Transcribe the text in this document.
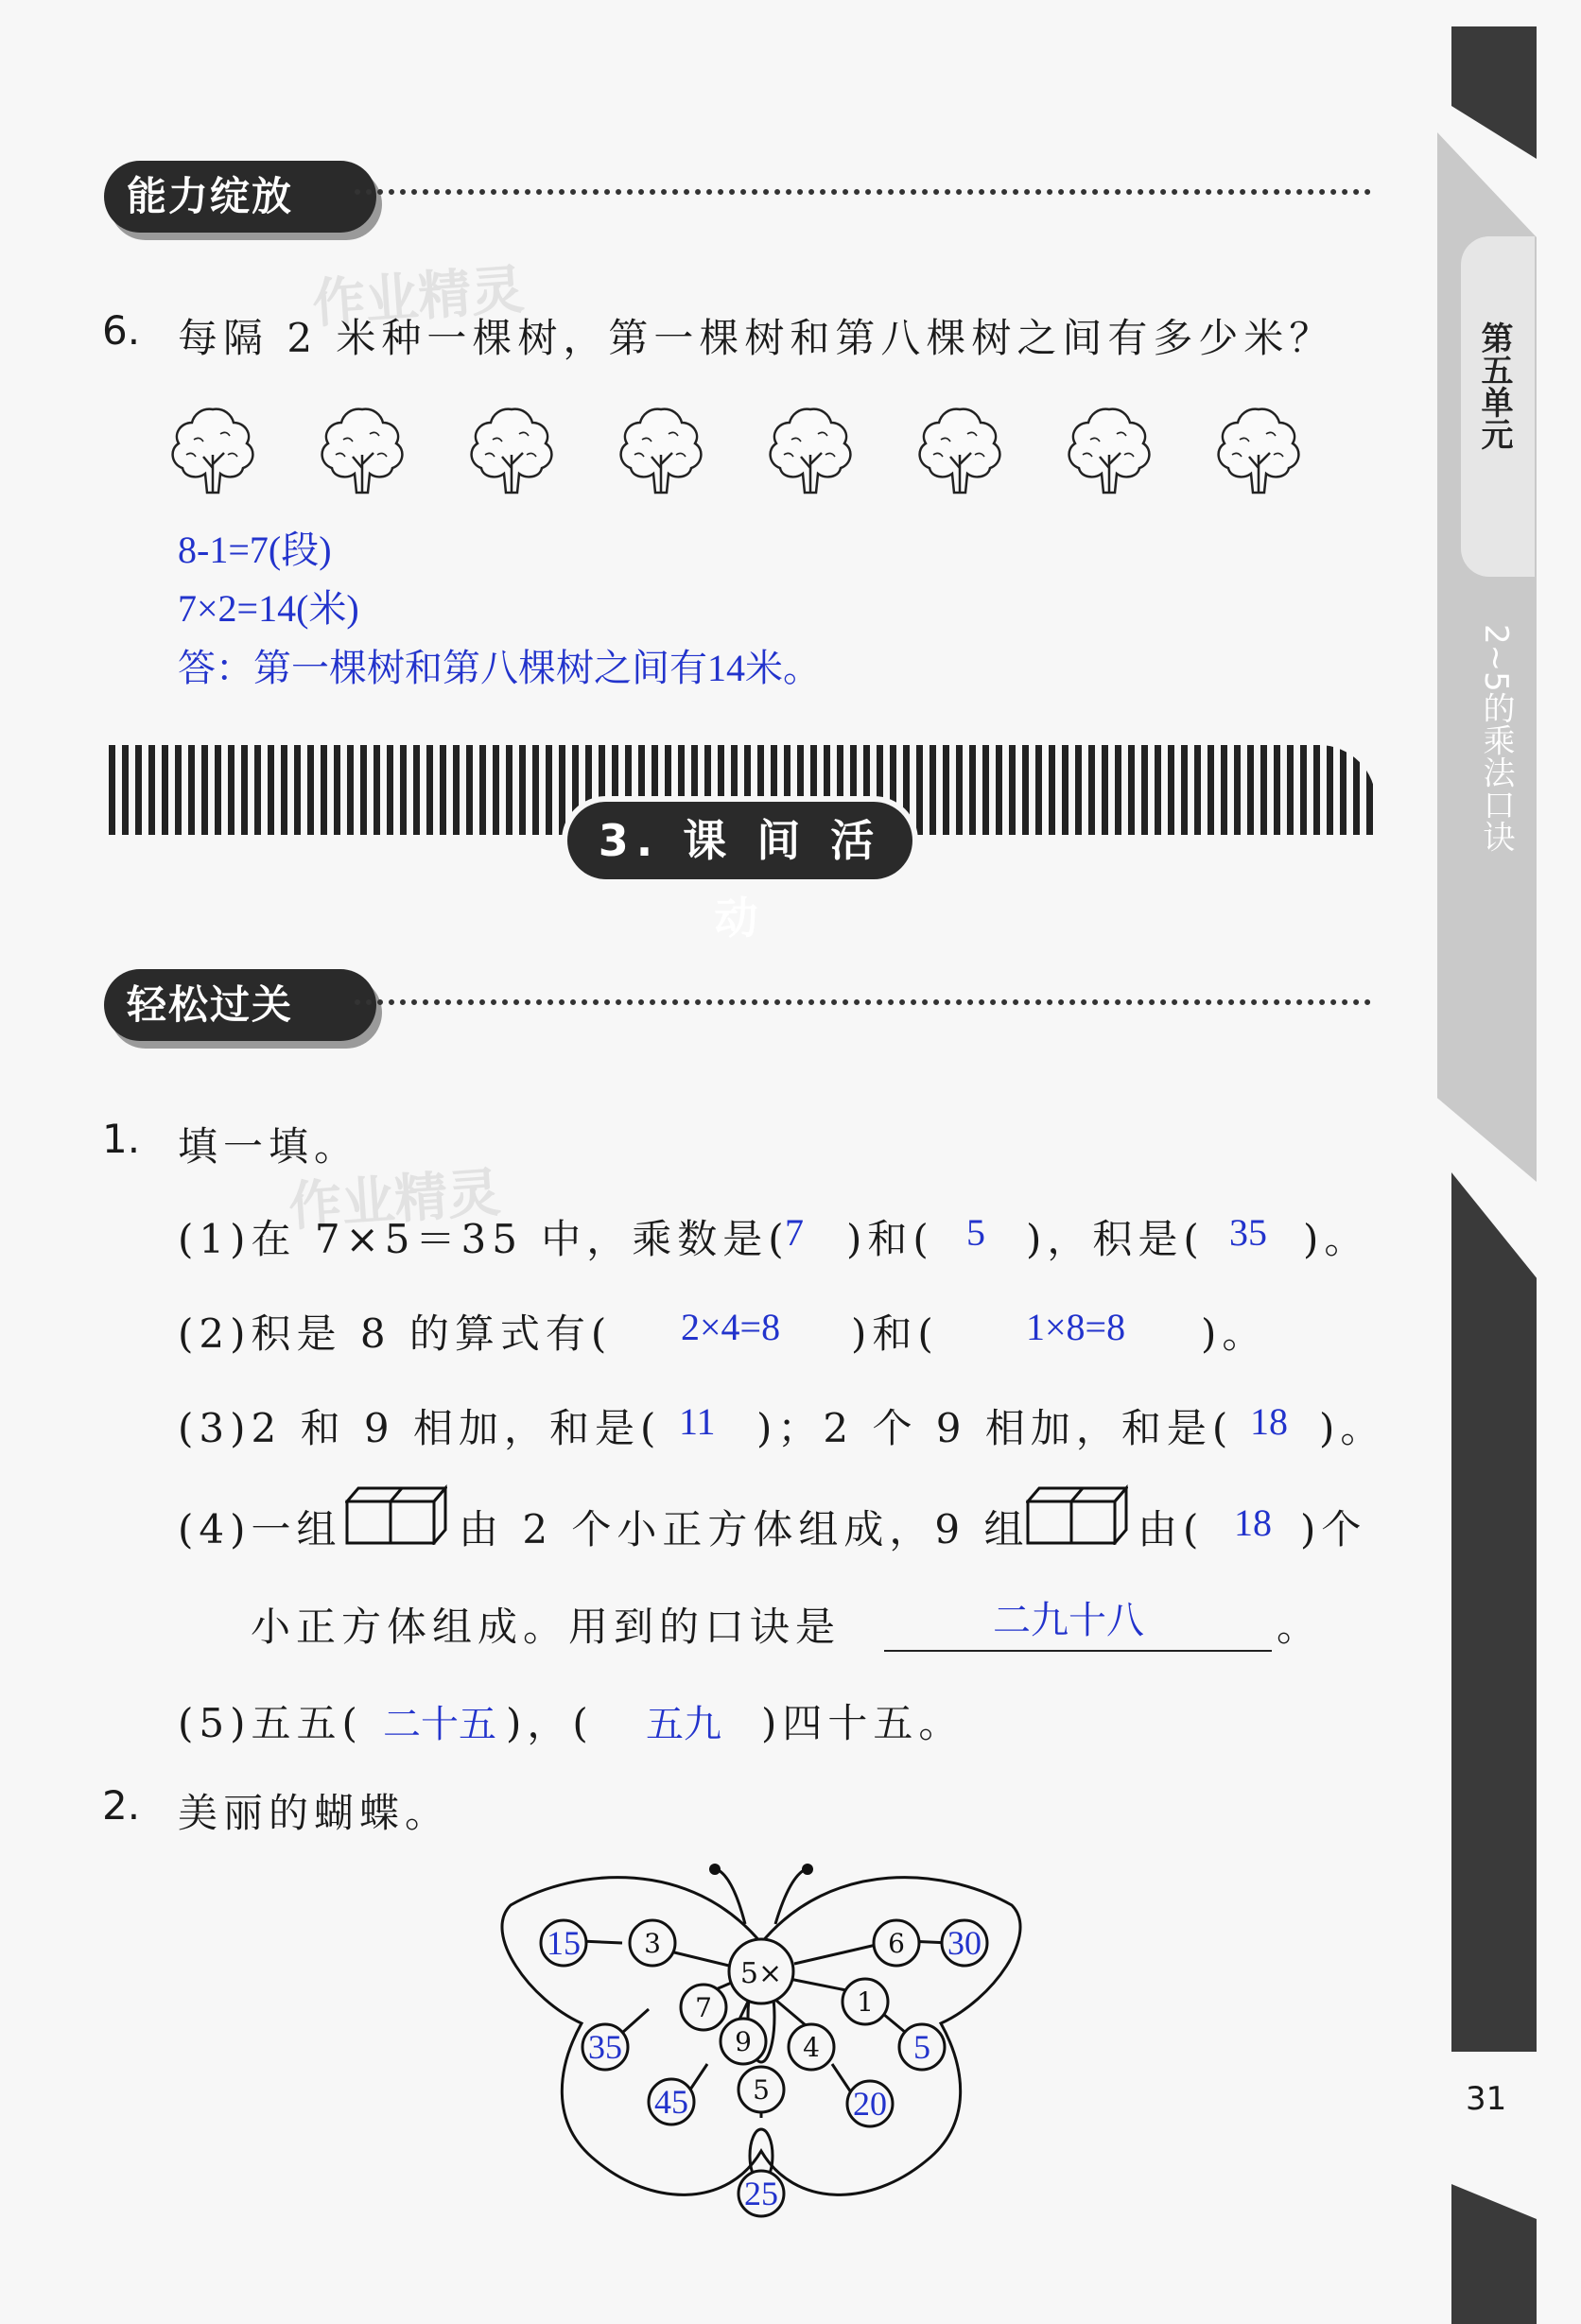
第五单元
2~5的乘法口诀
能力绽放
作业精灵
6. 每隔 2 米种一棵树，第一棵树和第八棵树之间有多少米？
8-1=7(段)
7×2=14(米)
答：第一棵树和第八棵树之间有14米。
3. 课 间 活 动
轻松过关
作业精灵
1. 填一填。
(1)在 7×5＝35 中，乘数是(
7 )和( 5 )，积是( 35 )。
(2)积是 8 的算式有( 2×4=8 )和( 1×8=8 )。
(3)2 和 9 相加，和是( 11 )；2 个 9 相加，和是( 18 )。
(4)一组	由 2 个小正方体组成，9 组	由( 18 )个
小正方体组成。用到的口诀是	二九十八	。
(5)五五( 二十五 )，( 五九 )四十五。
2. 美丽的蝴蝶。
5×
3
7
9
5
4
1
6
15
35
45
25
20
5
30
31
